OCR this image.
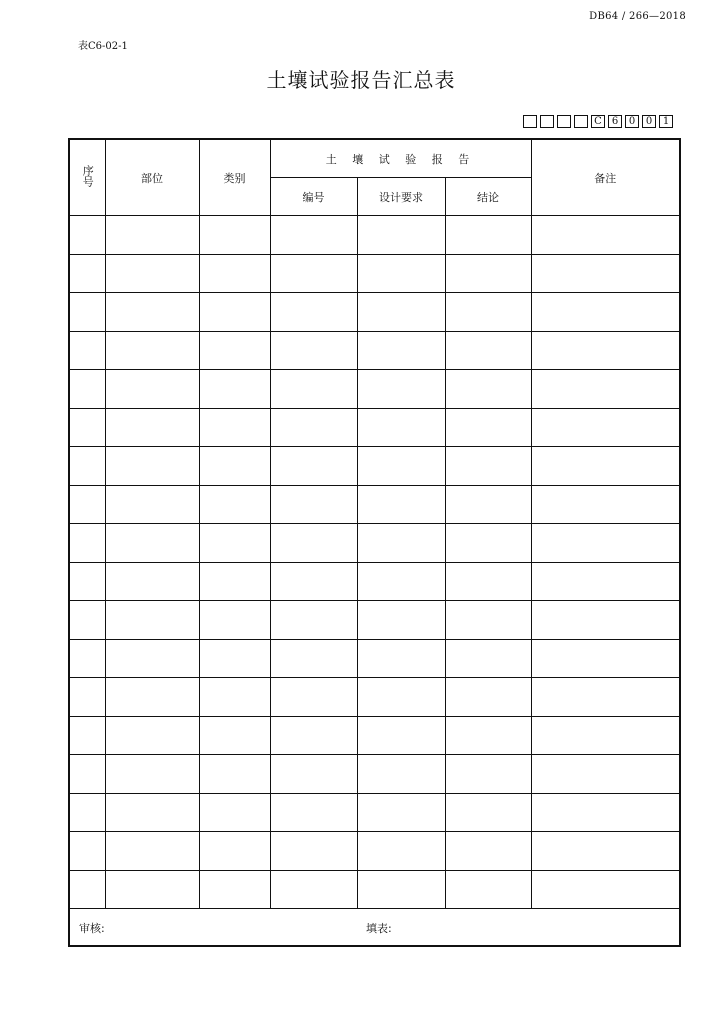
DB64 / 266—2018
表C6-02-1
土壤试验报告汇总表
C 6	0	0	1
序号	部位	类别	土 壤 试 验 报 告			备注
			编号	设计要求	结论	

审核: 填表:						
